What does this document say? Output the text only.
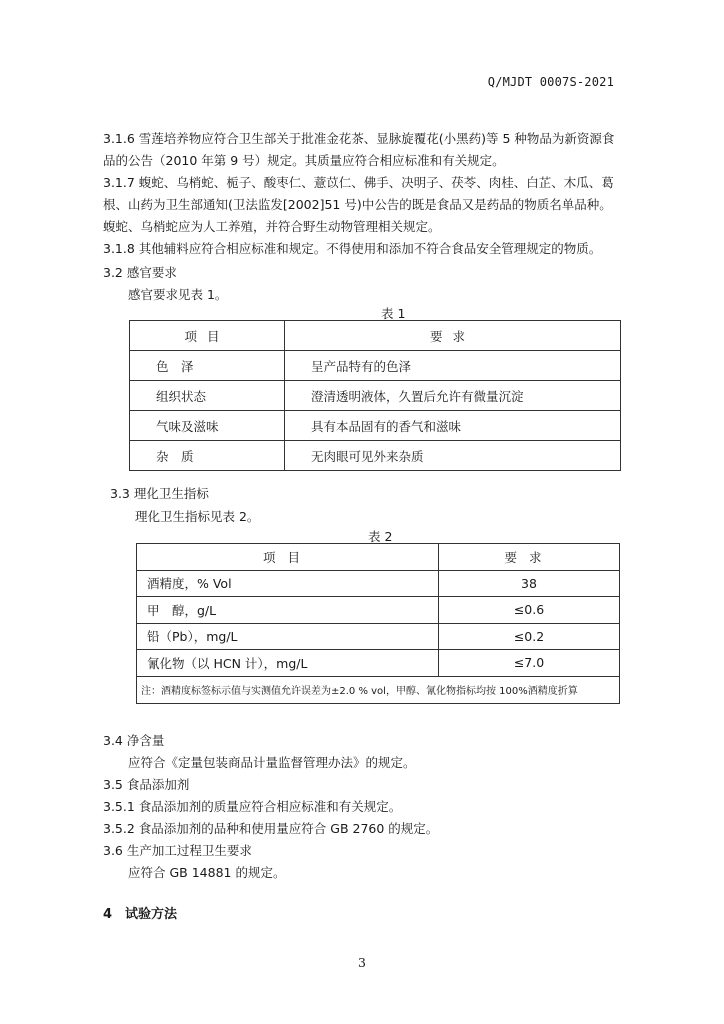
Q/MJDT 0007S-2021
3.1.6 雪莲培养物应符合卫生部关于批准金花茶、显脉旋覆花(小黑药)等 5 种物品为新资源食品的公告（2010 年第 9 号）规定。其质量应符合相应标准和有关规定。
3.1.7 蝮蛇、乌梢蛇、栀子、酸枣仁、薏苡仁、佛手、决明子、茯苓、肉桂、白芷、木瓜、葛根、山药为卫生部通知(卫法监发[2002]51 号)中公告的既是食品又是药品的物质名单品种。蝮蛇、乌梢蛇应为人工养殖，并符合野生动物管理相关规定。
3.1.8 其他辅料应符合相应标准和规定。不得使用和添加不符合食品安全管理规定的物质。
3.2 感官要求
感官要求见表 1。
表 1
项目	要求
色　泽	呈产品特有的色泽
组织状态	澄清透明液体，久置后允许有微量沉淀
气味及滋味	具有本品固有的香气和滋味
杂　质	无肉眼可见外来杂质
3.3 理化卫生指标
理化卫生指标见表 2。
表 2
项目	要求
酒精度，% Vol	38
甲　醇，g/L	≤0.6
铅（Pb），mg/L	≤0.2
氰化物（以 HCN 计），mg/L	≤7.0
注：酒精度标签标示值与实测值允许误差为±2.0 % vol，甲醇、氰化物指标均按 100%酒精度折算	
3.4 净含量
应符合《定量包装商品计量监督管理办法》的规定。
3.5 食品添加剂
3.5.1 食品添加剂的质量应符合相应标准和有关规定。
3.5.2 食品添加剂的品种和使用量应符合 GB 2760 的规定。
3.6 生产加工过程卫生要求
应符合 GB 14881 的规定。
4　试验方法
3
